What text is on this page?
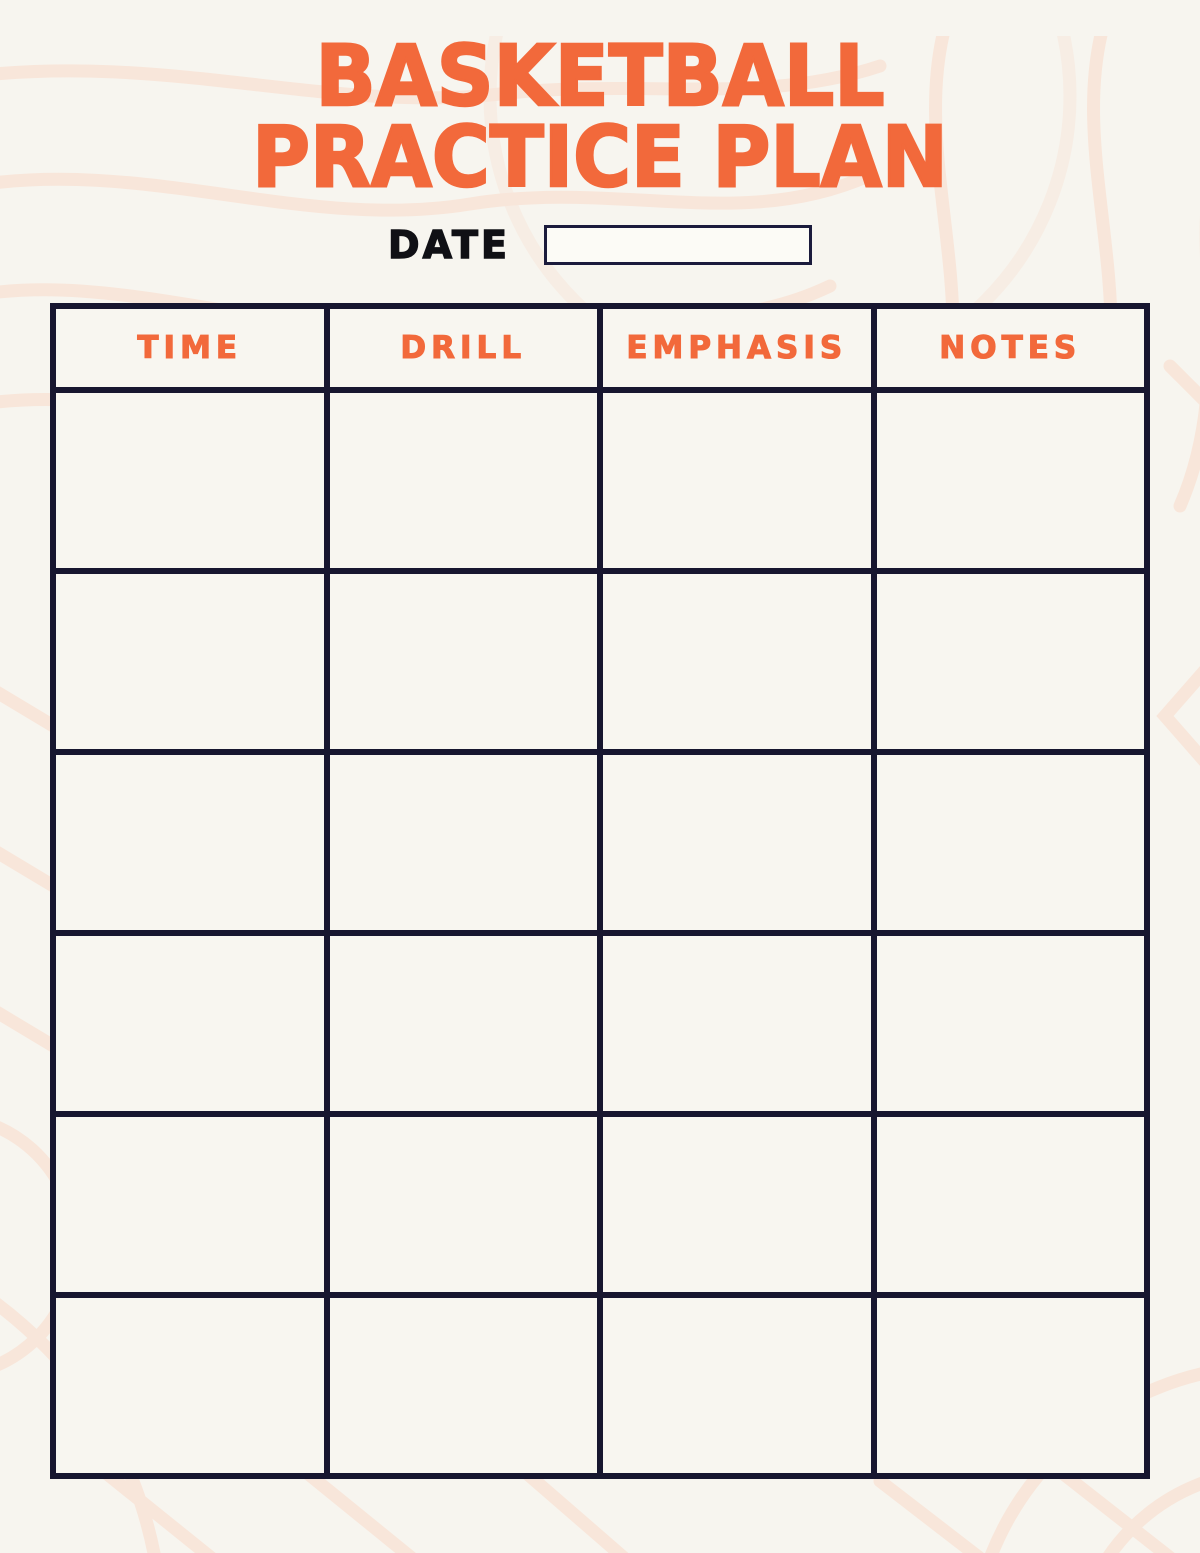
BASKETBALL
PRACTICE PLAN
DATE
TIME	DRILL	EMPHASIS	NOTES
